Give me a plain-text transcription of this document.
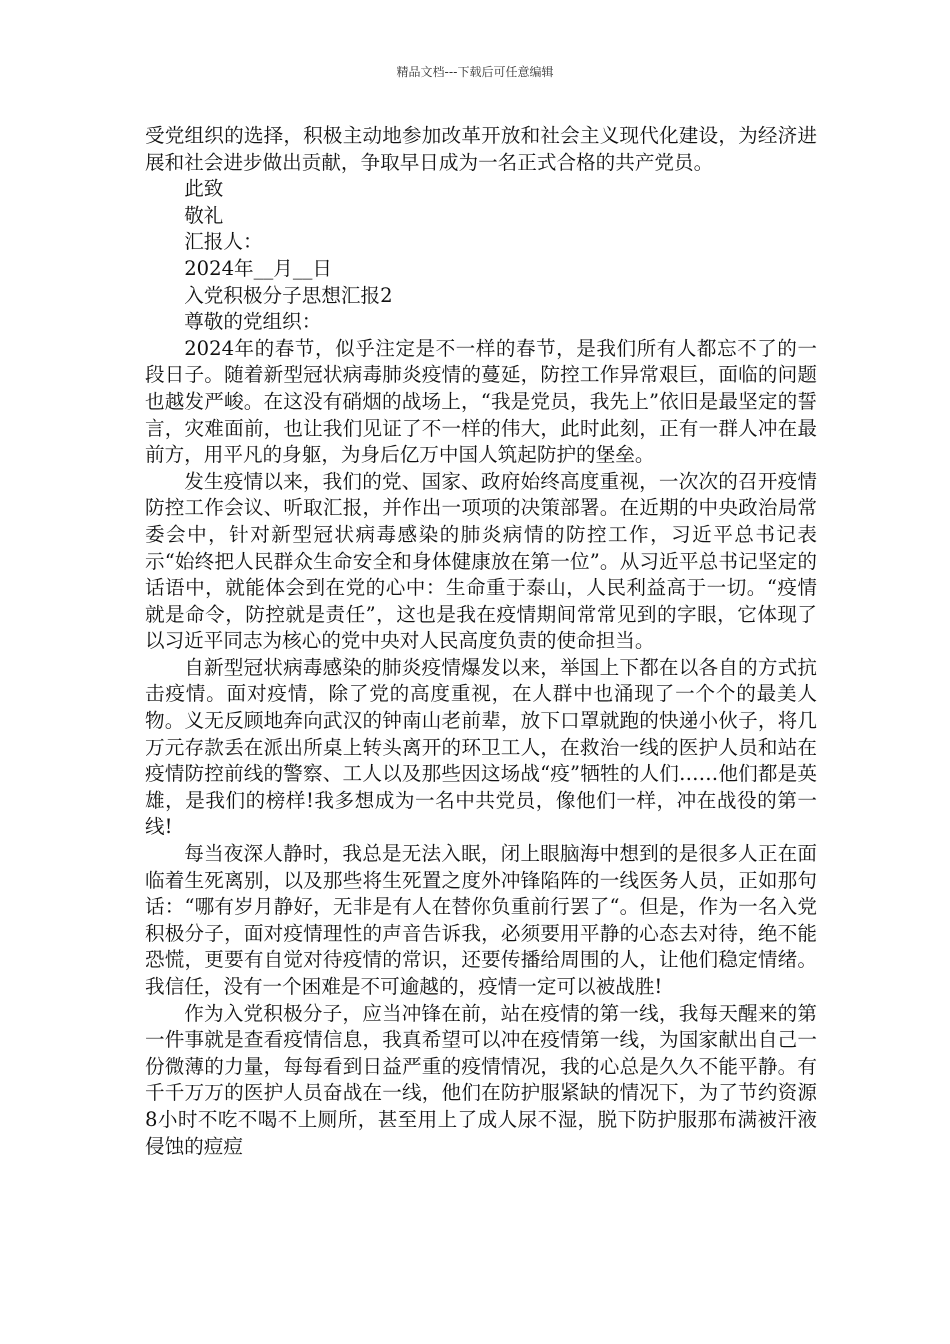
精品文档---下载后可任意编辑

受党组织的选择，积极主动地参加改革开放和社会主义现代化建设，为经济进展和社会进步做出贡献，争取早日成为一名正式合格的共产党员。

此致

敬礼

汇报人：

2024年__月__日

入党积极分子思想汇报2

尊敬的党组织：

2024年的春节，似乎注定是不一样的春节，是我们所有人都忘不了的一段日子。随着新型冠状病毒肺炎疫情的蔓延，防控工作异常艰巨，面临的问题也越发严峻。在这没有硝烟的战场上，“我是党员，我先上”依旧是最坚定的誓言，灾难面前，也让我们见证了不一样的伟大，此时此刻，正有一群人冲在最前方，用平凡的身躯，为身后亿万中国人筑起防护的堡垒。

发生疫情以来，我们的党、国家、政府始终高度重视，一次次的召开疫情防控工作会议、听取汇报，并作出一项项的决策部署。在近期的中央政治局常委会中，针对新型冠状病毒感染的肺炎病情的防控工作，习近平总书记表示“始终把人民群众生命安全和身体健康放在第一位”。从习近平总书记坚定的话语中，就能体会到在党的心中：生命重于泰山，人民利益高于一切。“疫情就是命令，防控就是责任”，这也是我在疫情期间常常见到的字眼，它体现了以习近平同志为核心的党中央对人民高度负责的使命担当。

自新型冠状病毒感染的肺炎疫情爆发以来，举国上下都在以各自的方式抗击疫情。面对疫情，除了党的高度重视，在人群中也涌现了一个个的最美人物。义无反顾地奔向武汉的钟南山老前辈，放下口罩就跑的快递小伙子，将几万元存款丢在派出所桌上转头离开的环卫工人，在救治一线的医护人员和站在疫情防控前线的警察、工人以及那些因这场战“疫”牺牲的人们……他们都是英雄，是我们的榜样!我多想成为一名中共党员，像他们一样，冲在战役的第一线!

每当夜深人静时，我总是无法入眠，闭上眼脑海中想到的是很多人正在面临着生死离别，以及那些将生死置之度外冲锋陷阵的一线医务人员，正如那句话：“哪有岁月静好，无非是有人在替你负重前行罢了“。但是，作为一名入党积极分子，面对疫情理性的声音告诉我，必须要用平静的心态去对待，绝不能恐慌，更要有自觉对待疫情的常识，还要传播给周围的人，让他们稳定情绪。我信任，没有一个困难是不可逾越的，疫情一定可以被战胜!

作为入党积极分子，应当冲锋在前，站在疫情的第一线，我每天醒来的第一件事就是查看疫情信息，我真希望可以冲在疫情第一线，为国家献出自己一份微薄的力量，每每看到日益严重的疫情情况，我的心总是久久不能平静。有千千万万的医护人员奋战在一线，他们在防护服紧缺的情况下，为了节约资源8小时不吃不喝不上厕所，甚至用上了成人尿不湿，脱下防护服那布满被汗液侵蚀的痘痘
